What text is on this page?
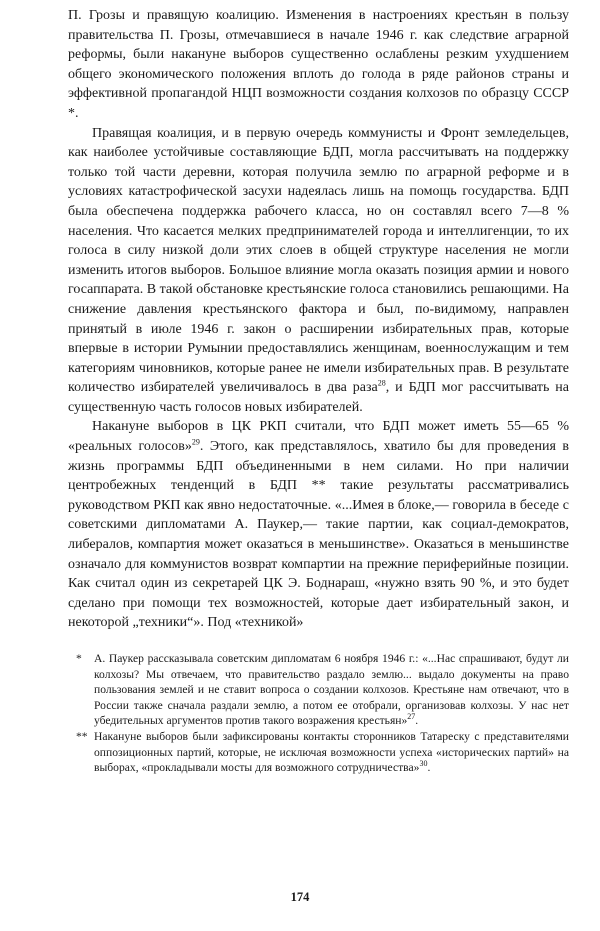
П. Грозы и правящую коалицию. Изменения в настроениях крестьян в пользу правительства П. Грозы, отмечавшиеся в начале 1946 г. как следствие аграрной реформы, были накануне выборов существенно ослаблены резким ухудшением общего экономического положения вплоть до голода в ряде районов страны и эффективной пропагандой НЦП возможности создания колхозов по образцу СССР *.

Правящая коалиция, и в первую очередь коммунисты и Фронт земледельцев, как наиболее устойчивые составляющие БДП, могла рассчитывать на поддержку только той части деревни, которая получила землю по аграрной реформе и в условиях катастрофической засухи надеялась лишь на помощь государства. БДП была обеспечена поддержка рабочего класса, но он составлял всего 7—8 % населения. Что касается мелких предпринимателей города и интеллигенции, то их голоса в силу низкой доли этих слоев в общей структуре населения не могли изменить итогов выборов. Большое влияние могла оказать позиция армии и нового госаппарата. В такой обстановке крестьянские голоса становились решающими. На снижение давления крестьянского фактора и был, по-видимому, направлен принятый в июле 1946 г. закон о расширении избирательных прав, которые впервые в истории Румынии предоставлялись женщинам, военнослужащим и тем категориям чиновников, которые ранее не имели избирательных прав. В результате количество избирателей увеличивалось в два раза$^{28}$, и БДП мог рассчитывать на существенную часть голосов новых избирателей.

Накануне выборов в ЦК РКП считали, что БДП может иметь 55—65 % «реальных голосов»$^{29}$. Этого, как представлялось, хватило бы для проведения в жизнь программы БДП объединенными в нем силами. Но при наличии центробежных тенденций в БДП ** такие результаты рассматривались руководством РКП как явно недостаточные. «...Имея в блоке,— говорила в беседе с советскими дипломатами А. Паукер,— такие партии, как социал-демократов, либералов, компартия может оказаться в меньшинстве». Оказаться в меньшинстве означало для коммунистов возврат компартии на прежние периферийные позиции. Как считал один из секретарей ЦК Э. Боднараш, «нужно взять 90 %, и это будет сделано при помощи тех возможностей, которые дает избирательный закон, и некоторой „техники“». Под «техникой»

* А. Паукер рассказывала советским дипломатам 6 ноября 1946 г.: «...Нас спрашивают, будут ли колхозы? Мы отвечаем, что правительство раздало землю... выдало документы на право пользования землей и не ставит вопроса о создании колхозов. Крестьяне нам отвечают, что в России также сначала раздали землю, а потом ее отобрали, организовав колхозы. У нас нет убедительных аргументов против такого возражения крестьян»$^{27}$.

** Накануне выборов были зафиксированы контакты сторонников Татареску с представителями оппозиционных партий, которые, не исключая возможности успеха «исторических партий» на выборах, «прокладывали мосты для возможного сотрудничества»$^{30}$.

174
